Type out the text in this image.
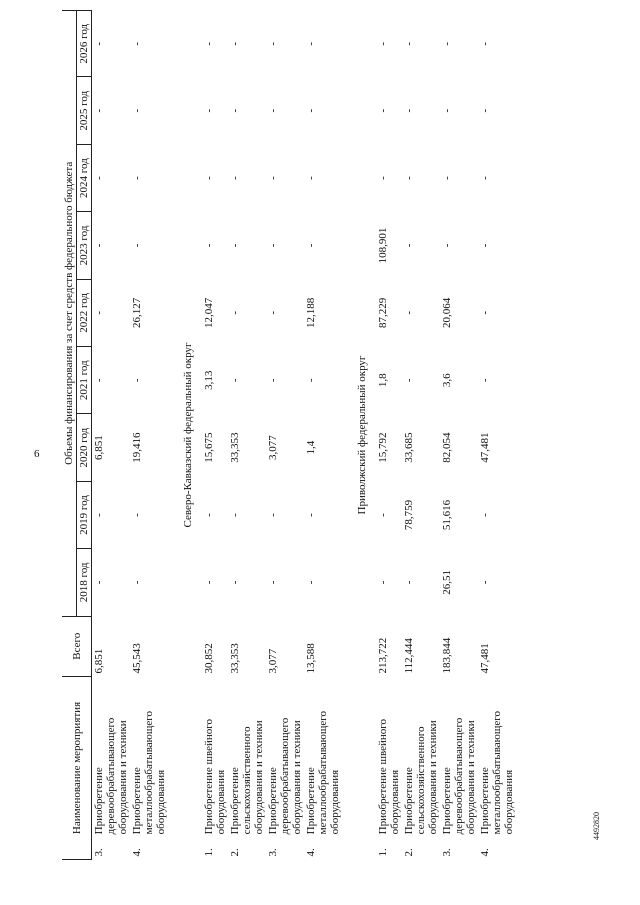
6
4492820
Наименование мероприятия		Всего	Объемы финансирования за счет средств федерального бюджета								
			2018 год	2019 год	2020 год	2021 год	2022 год	2023 год	2024 год	2025 год	2026 год
3.	Приобретение деревообрабатывающего оборудования и техники	6,851	-	-	6,851	-	-	-	-	-	-
4.	Приобретение металлообрабатывающего оборудования	45,543	-	-	19,416	-	26,127	-	-	-	-
Северо-Кавказский федеральный округ											
1.	Приобретение швейного оборудования	30,852	-	-	15,675	3,13	12,047	-	-	-	-
2.	Приобретение сельскохозяйственного оборудования и техники	33,353	-	-	33,353	-	-	-	-	-	-
3.	Приобретение деревообрабатывающего оборудования и техники	3,077	-	-	3,077	-	-	-	-	-	-
4.	Приобретение металлообрабатывающего оборудования	13,588	-	-	1,4	-	12,188	-	-	-	-
Приволжский федеральный округ											
1.	Приобретение швейного оборудования	213,722	-	-	15,792	1,8	87,229	108,901	-	-	-
2.	Приобретение сельскохозяйственного оборудования и техники	112,444	-	78,759	33,685	-	-	-	-	-	-
3.	Приобретение деревообрабатывающего оборудования и техники	183,844	26,51	51,616	82,054	3,6	20,064	-	-	-	-
4.	Приобретение металлообрабатывающего оборудования	47,481	-	-	47,481	-	-	-	-	-	-
